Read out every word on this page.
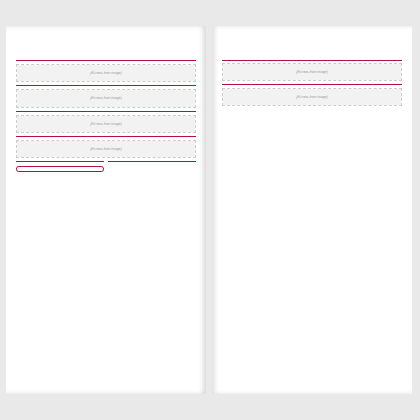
[fill rows from image]

[fill rows from image]

[fill rows from image]

[fill rows from image]

[fill rows from image]

[fill rows from image]
